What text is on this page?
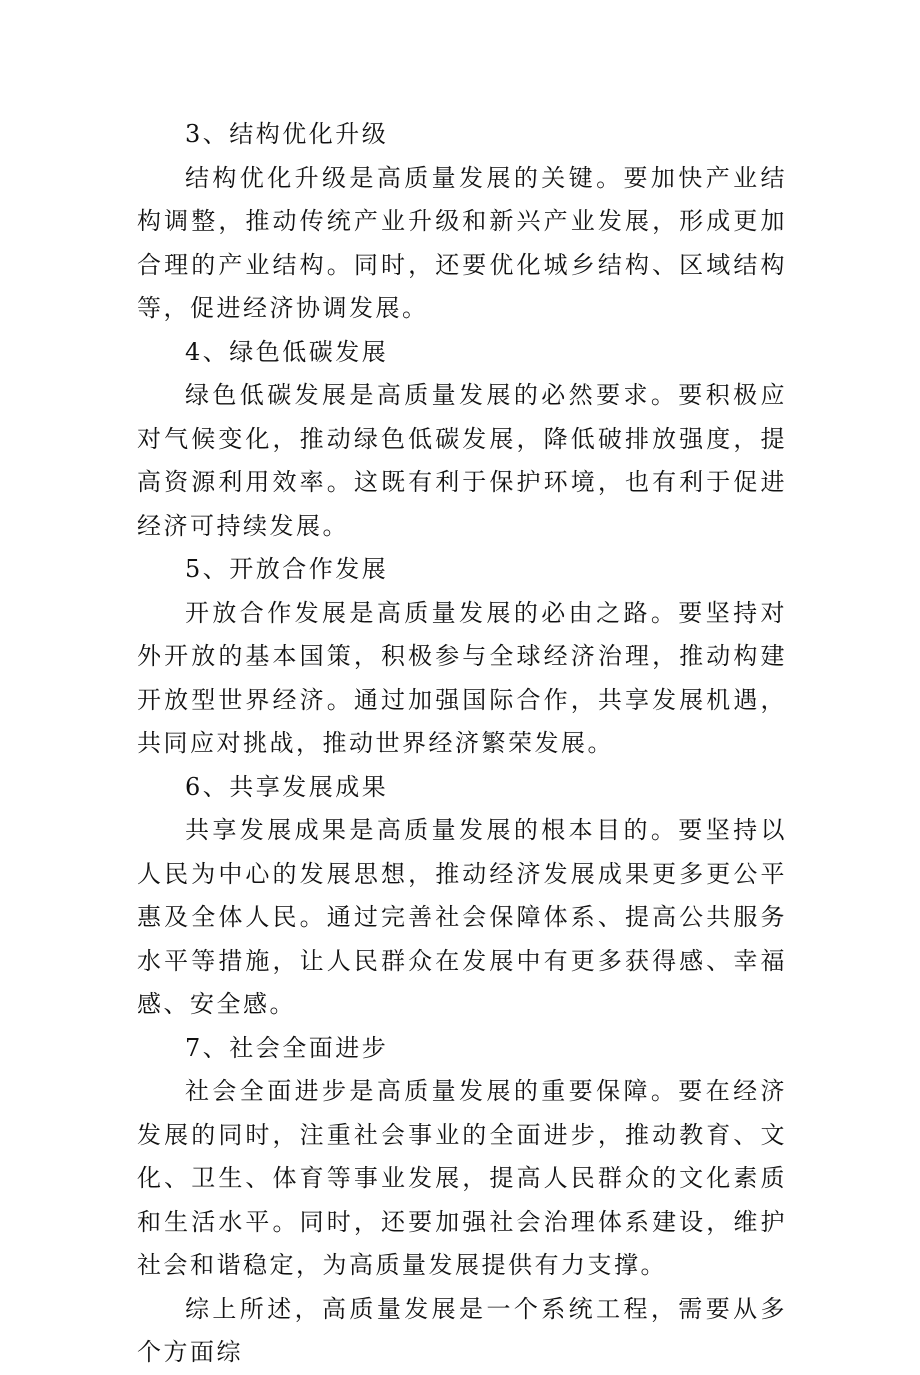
3、结构优化升级

结构优化升级是高质量发展的关键。要加快产业结构调整，推动传统产业升级和新兴产业发展，形成更加合理的产业结构。同时，还要优化城乡结构、区域结构等，促进经济协调发展。

4、绿色低碳发展

绿色低碳发展是高质量发展的必然要求。要积极应对气候变化，推动绿色低碳发展，降低破排放强度，提高资源利用效率。这既有利于保护环境，也有利于促进经济可持续发展。

5、开放合作发展

开放合作发展是高质量发展的必由之路。要坚持对外开放的基本国策，积极参与全球经济治理，推动构建开放型世界经济。通过加强国际合作，共享发展机遇，共同应对挑战，推动世界经济繁荣发展。

6、共享发展成果

共享发展成果是高质量发展的根本目的。要坚持以人民为中心的发展思想，推动经济发展成果更多更公平惠及全体人民。通过完善社会保障体系、提高公共服务水平等措施，让人民群众在发展中有更多获得感、幸福感、安全感。

7、社会全面进步

社会全面进步是高质量发展的重要保障。要在经济发展的同时，注重社会事业的全面进步，推动教育、文化、卫生、体育等事业发展，提高人民群众的文化素质和生活水平。同时，还要加强社会治理体系建设，维护社会和谐稳定，为高质量发展提供有力支撑。

综上所述，高质量发展是一个系统工程，需要从多个方面综
